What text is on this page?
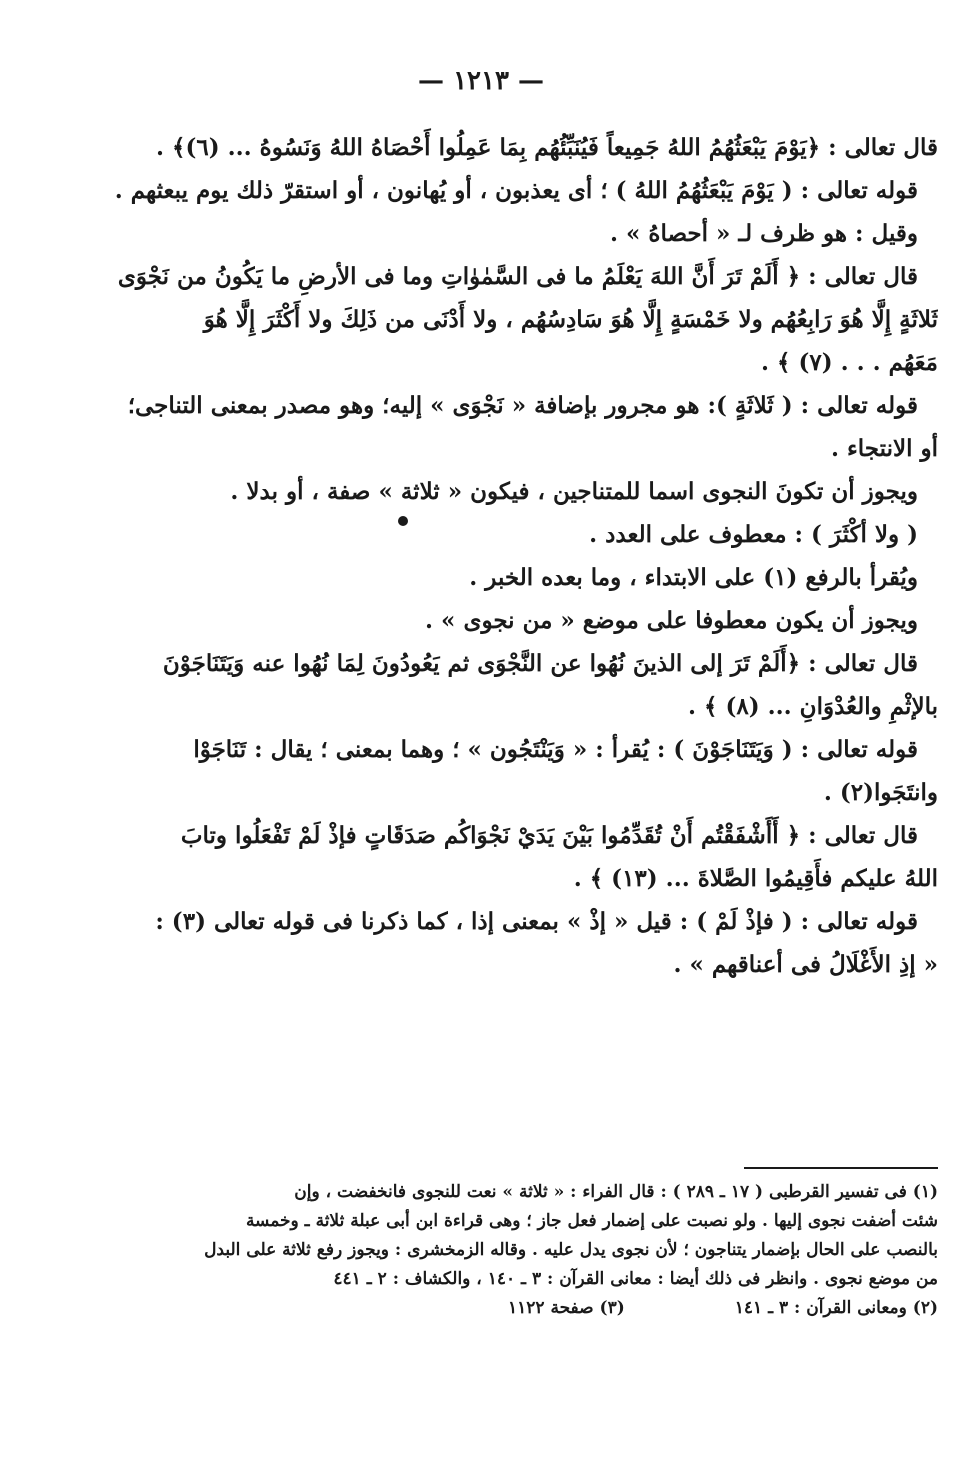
— ١٢١٣ —
قال تعالى : ﴿يَوْمَ يَبْعَثُهُمُ اللهُ جَمِيعاً فَيُنَبِّئُهُم بِمَا عَمِلُوا أَحْصَاهُ اللهُ وَنَسُوهُ ... (٦)﴾ .
قوله تعالى : ( يَوْمَ يَبْعَثُهُمُ اللهُ ) ؛ أى يعذبون ، أو يُهانون ، أو استقرّ ذلك يوم يبعثهم .
وقيل : هو ظرف لـ « أحصاهُ » .
قال تعالى : ﴿ أَلَمْ تَرَ أَنَّ اللهَ يَعْلَمُ ما فى السَّمٰوٰاتِ وما فى الأرضِ ما يَكُونُ من نَجْوَى
ثَلاثَةٍ إِلَّا هُوَ رَابِعُهُم ولا خَمْسَةٍ إِلَّا هُوَ سَادِسُهُم ، ولا أَدْنَى من ذَلِكَ ولا أَكْثَرَ إِلَّا هُوَ
مَعَهُم . . . (٧) ﴾ .
قوله تعالى : ( ثَلاثَةٍ ): هو مجرور بإضافة « نَجْوَى » إليه؛ وهو مصدر بمعنى التناجى؛
أو الانتجاء .
ويجوز أن تكونَ النجوى اسما للمتناجين ، فيكون « ثلاثة » صفة ، أو بدلا .
( ولا أكْثَرَ ) : معطوف على العدد .
ويُقرأ بالرفع (١) على الابتداء ، وما بعده الخبر .
ويجوز أن يكون معطوفا على موضع « من نجوى » .
قال تعالى : ﴿أَلَمْ تَرَ إلى الذينَ نُهُوا عن النَّجْوَى ثم يَعُودُونَ لِمَا نُهُوا عنه وَيَتَنَاجَوْنَ
بالإثْمِ والعُدْوَانِ ... (٨) ﴾ .
قوله تعالى : ( وَيَتَنَاجَوْنَ ) : يُقرأ : « وَيَنْتَجُون » ؛ وهما بمعنى ؛ يقال : تَنَاجَوْا
وانتَجَوا(٢) .
قال تعالى : ﴿ أَأَشْفَقْتُم أَنْ تُقَدِّمُوا بَيْنَ يَدَيْ نَجْوَاكُم صَدَقَاتٍ فإذْ لَمْ تَفْعَلُوا وتابَ
اللهُ عليكم فأَقِيمُوا الصَّلاةَ ... (١٣) ﴾ .
قوله تعالى : ( فإذْ لَمْ ) : قيل « إذْ » بمعنى إذا ، كما ذكرنا فى قوله تعالى (٣) :
« إذِ الأَغْلَالُ فى أعناقهم » .
(١) فى تفسير القرطبى ( ١٧ ـ ٢٨٩ ) : قال الفراء : « ثلاثة » نعت للنجوى فانخفضت ، وإن
شئت أضفت نجوى إليها . ولو نصبت على إضمار فعل جاز ؛ وهى قراءة ابن أبى عبلة ثلاثة ـ وخمسة
بالنصب على الحال بإضمار يتناجون ؛ لأن نجوى يدل عليه . وقاله الزمخشرى : ويجوز رفع ثلاثة على البدل
من موضع نجوى . وانظر فى ذلك أيضا : معانى القرآن : ٣ ـ ١٤٠ ، والكشاف : ٢ ـ ٤٤١
(٢) ومعانى القرآن : ٣ ـ ١٤١
(٣) صفحة ١١٢٢
